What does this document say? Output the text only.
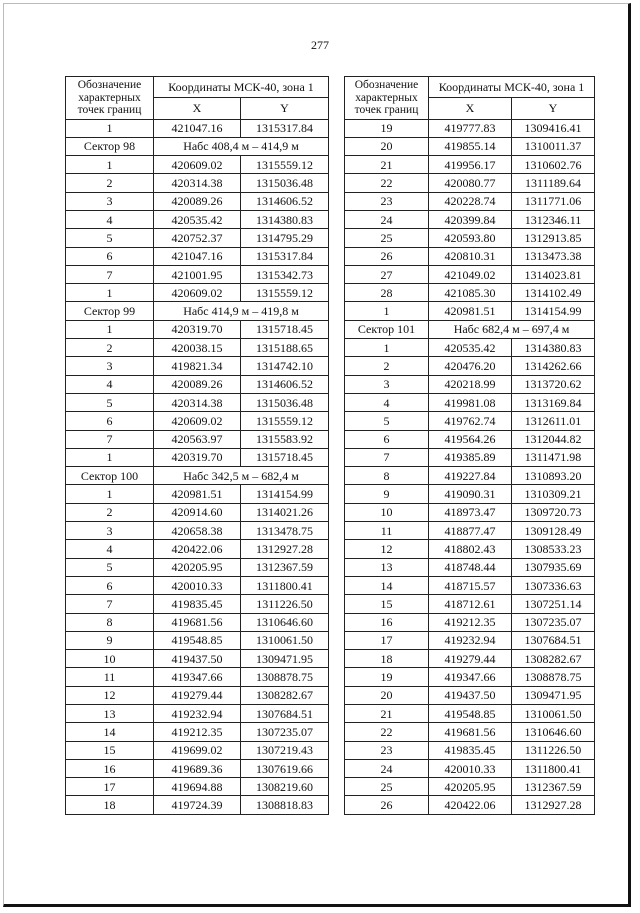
277
Обозначение характерных точек границ	Координаты МСК-40, зона 1	
	X	Y
1	421047.16	1315317.84
Сектор 98	Набс 408,4 м – 414,9 м	
1	420609.02	1315559.12
2	420314.38	1315036.48
3	420089.26	1314606.52
4	420535.42	1314380.83
5	420752.37	1314795.29
6	421047.16	1315317.84
7	421001.95	1315342.73
1	420609.02	1315559.12
Сектор 99	Набс 414,9 м – 419,8 м	
1	420319.70	1315718.45
2	420038.15	1315188.65
3	419821.34	1314742.10
4	420089.26	1314606.52
5	420314.38	1315036.48
6	420609.02	1315559.12
7	420563.97	1315583.92
1	420319.70	1315718.45
Сектор 100	Набс 342,5 м – 682,4 м	
1	420981.51	1314154.99
2	420914.60	1314021.26
3	420658.38	1313478.75
4	420422.06	1312927.28
5	420205.95	1312367.59
6	420010.33	1311800.41
7	419835.45	1311226.50
8	419681.56	1310646.60
9	419548.85	1310061.50
10	419437.50	1309471.95
11	419347.66	1308878.75
12	419279.44	1308282.67
13	419232.94	1307684.51
14	419212.35	1307235.07
15	419699.02	1307219.43
16	419689.36	1307619.66
17	419694.88	1308219.60
18	419724.39	1308818.83
Обозначение характерных точек границ	Координаты МСК-40, зона 1	
	X	Y
19	419777.83	1309416.41
20	419855.14	1310011.37
21	419956.17	1310602.76
22	420080.77	1311189.64
23	420228.74	1311771.06
24	420399.84	1312346.11
25	420593.80	1312913.85
26	420810.31	1313473.38
27	421049.02	1314023.81
28	421085.30	1314102.49
1	420981.51	1314154.99
Сектор 101	Набс 682,4 м – 697,4 м	
1	420535.42	1314380.83
2	420476.20	1314262.66
3	420218.99	1313720.62
4	419981.08	1313169.84
5	419762.74	1312611.01
6	419564.26	1312044.82
7	419385.89	1311471.98
8	419227.84	1310893.20
9	419090.31	1310309.21
10	418973.47	1309720.73
11	418877.47	1309128.49
12	418802.43	1308533.23
13	418748.44	1307935.69
14	418715.57	1307336.63
15	418712.61	1307251.14
16	419212.35	1307235.07
17	419232.94	1307684.51
18	419279.44	1308282.67
19	419347.66	1308878.75
20	419437.50	1309471.95
21	419548.85	1310061.50
22	419681.56	1310646.60
23	419835.45	1311226.50
24	420010.33	1311800.41
25	420205.95	1312367.59
26	420422.06	1312927.28
